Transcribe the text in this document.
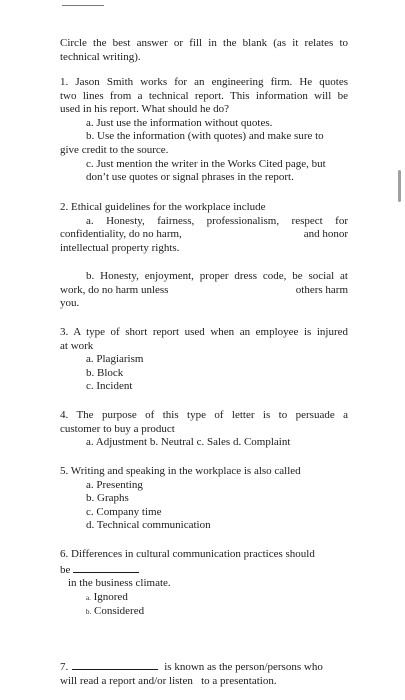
Circle the best answer or fill in the blank (as it relates to
technical writing).
1. Jason Smith works for an engineering firm. He quotes
two lines from a technical report. This information will be
used in his report. What should he do?
a. Just use the information without quotes.
b. Use the information (with quotes) and make sure to
give credit to the source.
c. Just mention the writer in the Works Cited page, but
don’t use quotes or signal phrases in the report.
2. Ethical guidelines for the workplace include
a. Honesty, fairness, professionalism, respect for
confidentiality, do no harm,	and honor
intellectual property rights.
b. Honesty, enjoyment, proper dress code, be social at
work, do no harm unless	others harm
you.
3. A type of short report used when an employee is injured
at work
a. Plagiarism
b. Block
c. Incident
4. The purpose of this type of letter is to persuade a
customer to buy a product
a. Adjustment b. Neutral c. Sales d. Complaint
5. Writing and speaking in the workplace is also called
a. Presenting
b. Graphs
c. Company time
d. Technical communication
6. Differences in cultural communication practices should
be
in the business climate.
a. Ignored
b. Considered
7.	is known as the person/persons who
will read a report and/or listen   to a presentation.
